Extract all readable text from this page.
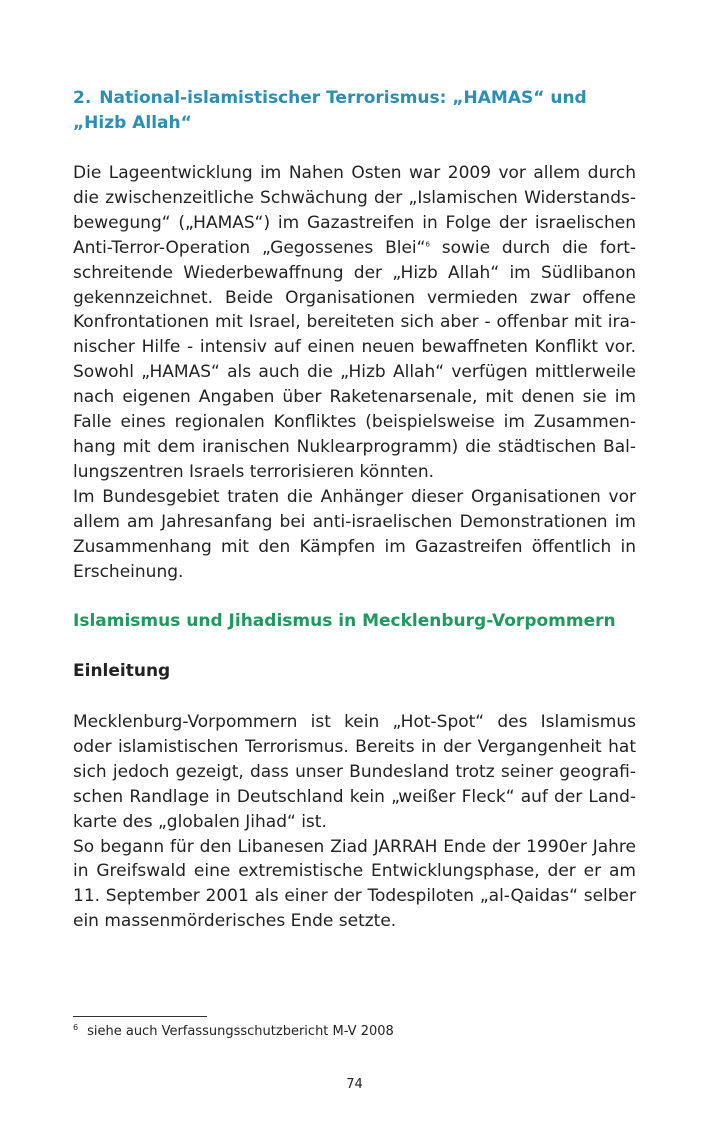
2. National-islamistischer Terrorismus: „HAMAS“ und „Hizb Allah“

Die Lageentwicklung im Nahen Osten war 2009 vor allem durch die zwischenzeitliche Schwächung der „Islamischen Widerstandsbewegung“ („HAMAS“) im Gazastreifen in Folge der israelischen Anti-Terror-Operation „Gegossenes Blei“$^6$ sowie durch die fortschreitende Wiederbewaffnung der „Hizb Allah“ im Südlibanon gekennzeichnet. Beide Organisationen vermieden zwar offene Konfrontationen mit Israel, bereiteten sich aber - offenbar mit iranischer Hilfe - intensiv auf einen neuen bewaffneten Konflikt vor. Sowohl „HAMAS“ als auch die „Hizb Allah“ verfügen mittlerweile nach eigenen Angaben über Raketenarsenale, mit denen sie im Falle eines regionalen Konfliktes (beispielsweise im Zusammenhang mit dem iranischen Nuklearprogramm) die städtischen Ballungszentren Israels terrorisieren könnten.

Im Bundesgebiet traten die Anhänger dieser Organisationen vor allem am Jahresanfang bei anti-israelischen Demonstrationen im Zusammenhang mit den Kämpfen im Gazastreifen öffentlich in Erscheinung.

Islamismus und Jihadismus in Mecklenburg-Vorpommern
Einleitung

Mecklenburg-Vorpommern ist kein „Hot-Spot“ des Islamismus oder islamistischen Terrorismus. Bereits in der Vergangenheit hat sich jedoch gezeigt, dass unser Bundesland trotz seiner geografischen Randlage in Deutschland kein „weißer Fleck“ auf der Landkarte des „globalen Jihad“ ist.

So begann für den Libanesen Ziad JARRAH Ende der 1990er Jahre in Greifswald eine extremistische Entwicklungsphase, der er am 11. September 2001 als einer der Todespiloten „al-Qaidas“ selber ein massenmörderisches Ende setzte.

$^6$ siehe auch Verfassungsschutzbericht M-V 2008
74
